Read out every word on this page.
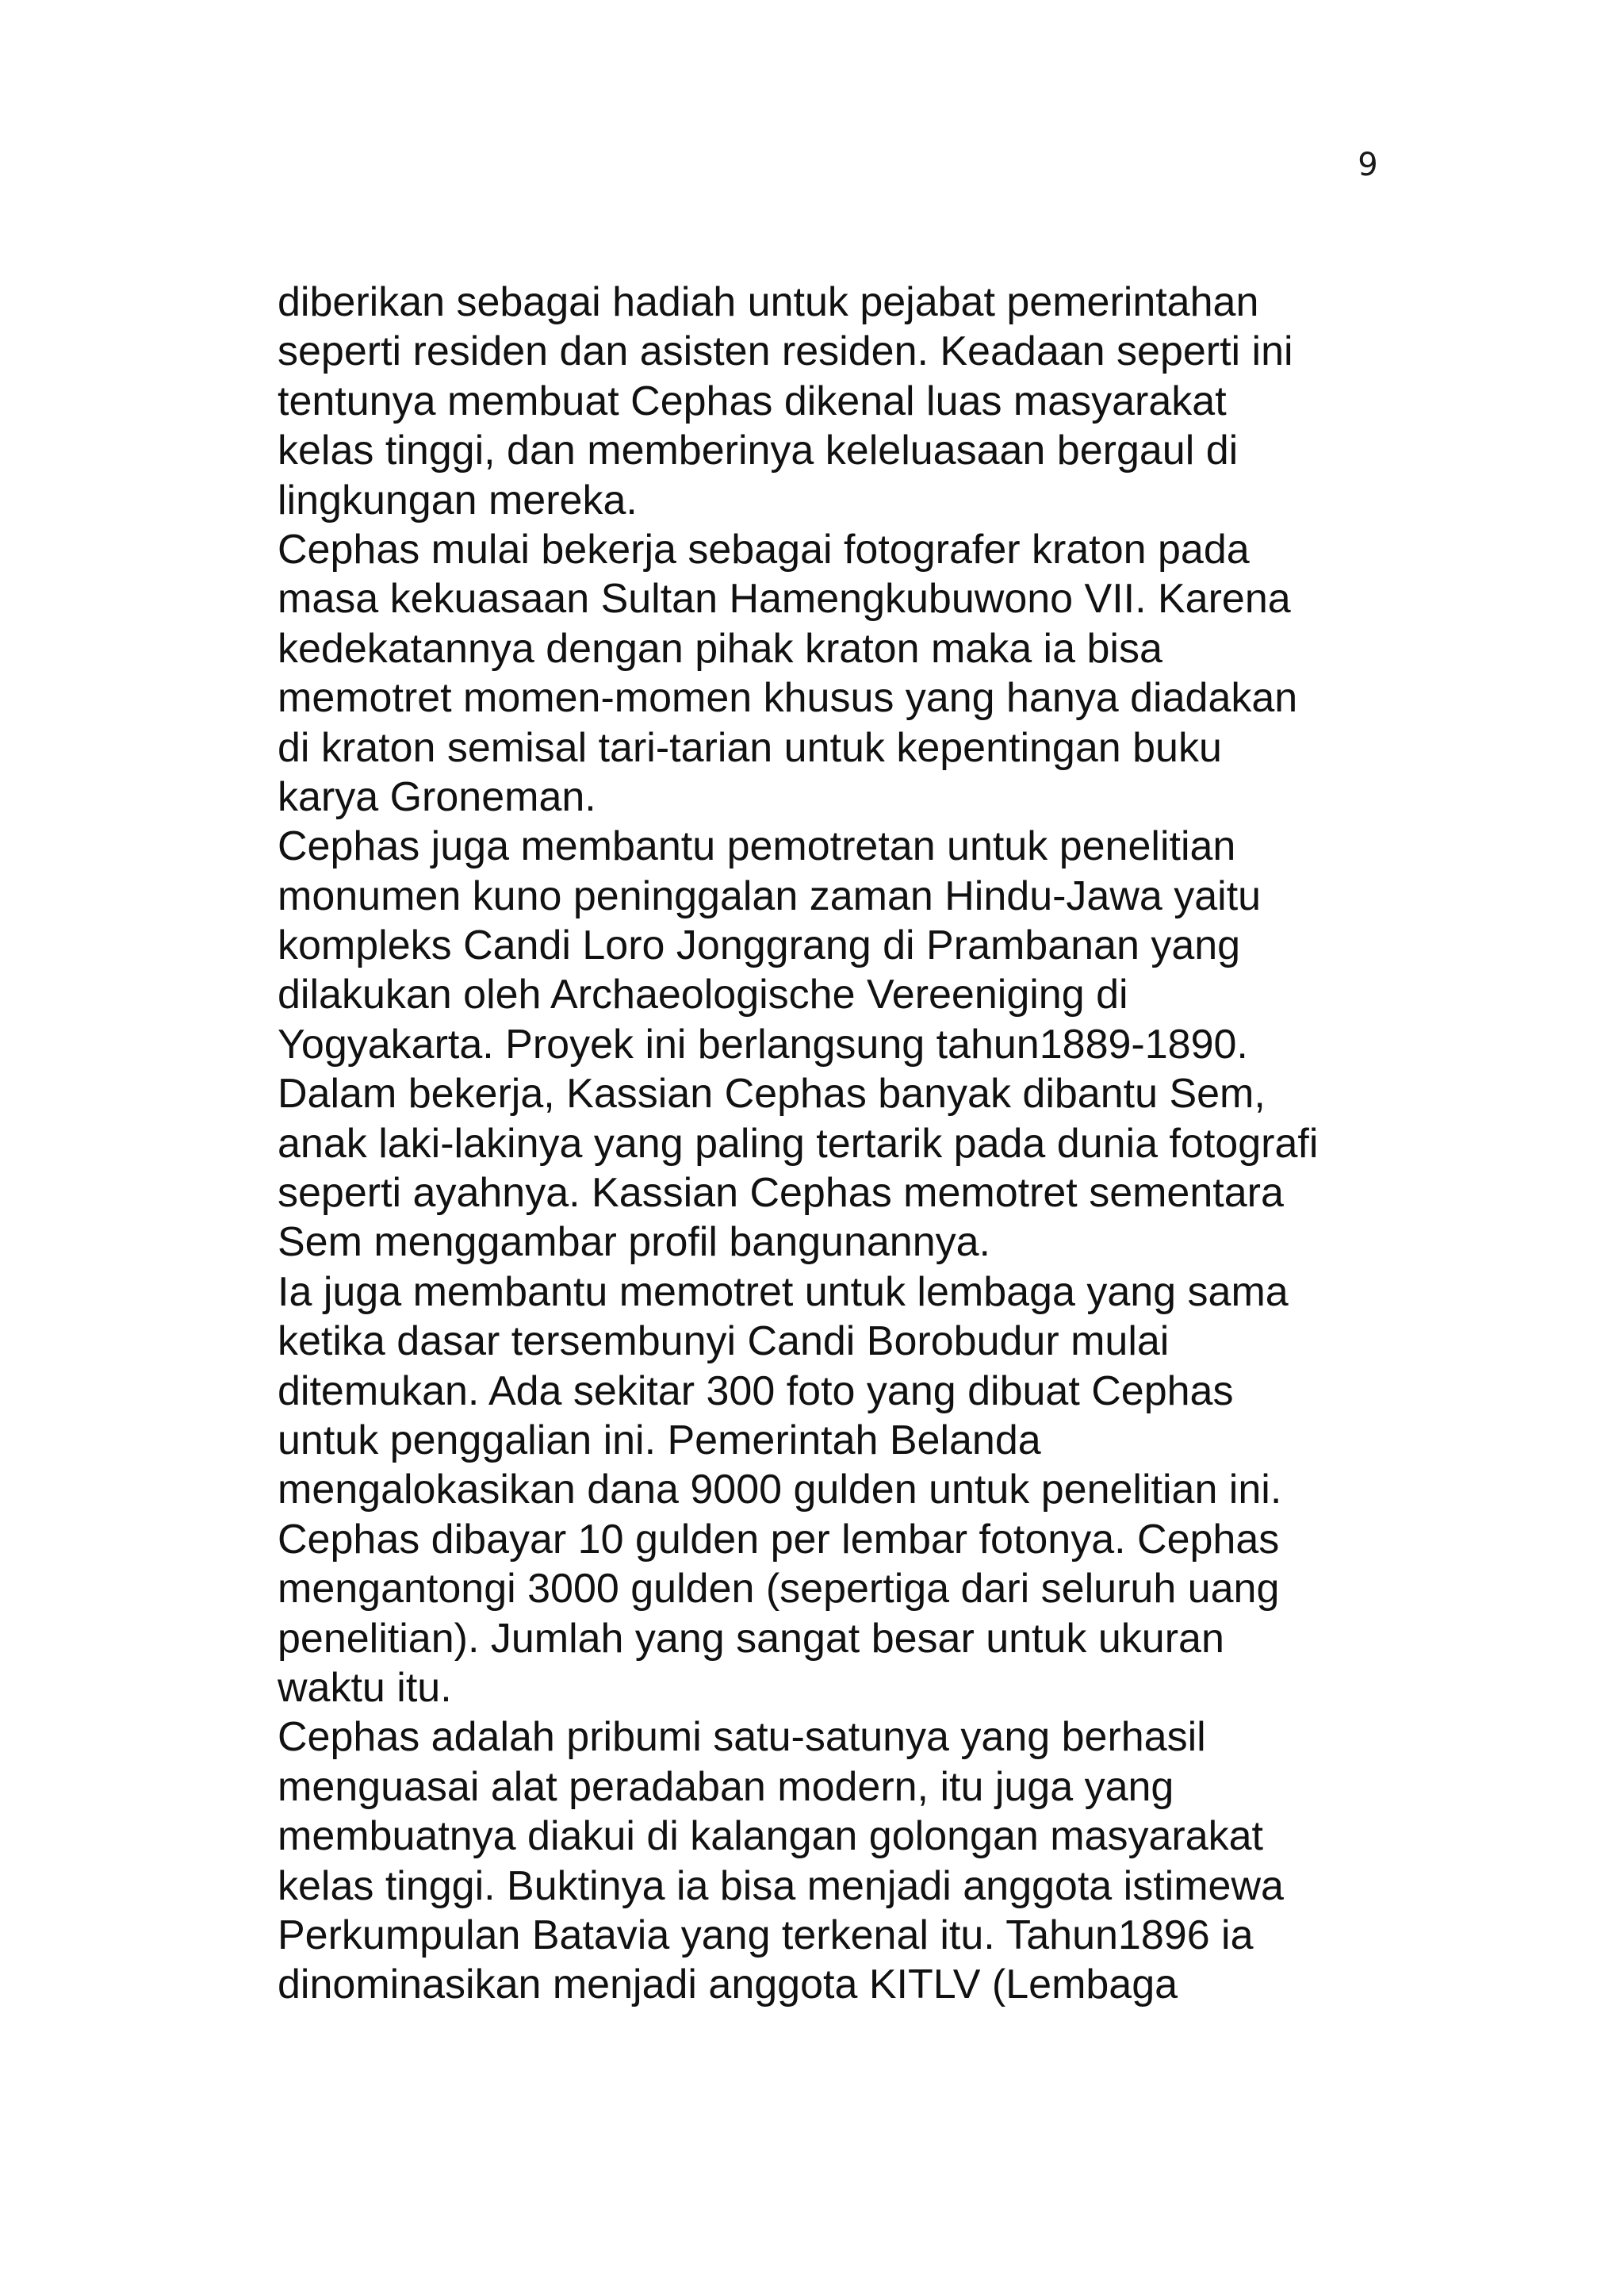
9
diberikan sebagai hadiah untuk pejabat pemerintahan
seperti residen dan asisten residen. Keadaan seperti ini
tentunya membuat Cephas dikenal luas masyarakat
kelas tinggi, dan memberinya keleluasaan bergaul di
lingkungan mereka.
Cephas mulai bekerja sebagai fotografer kraton pada
masa kekuasaan Sultan Hamengkubuwono VII. Karena
kedekatannya dengan pihak kraton maka ia bisa
memotret momen-momen khusus yang hanya diadakan
di kraton semisal tari-tarian untuk kepentingan buku
karya Groneman.
Cephas juga membantu pemotretan untuk penelitian
monumen kuno peninggalan zaman Hindu-Jawa yaitu
kompleks Candi Loro Jonggrang di Prambanan yang
dilakukan oleh Archaeologische Vereeniging di
Yogyakarta. Proyek ini berlangsung tahun1889-1890.
Dalam bekerja, Kassian Cephas banyak dibantu Sem,
anak laki-lakinya yang paling tertarik pada dunia fotografi
seperti ayahnya. Kassian Cephas memotret sementara
Sem menggambar profil bangunannya.
Ia juga membantu memotret untuk lembaga yang sama
ketika dasar tersembunyi Candi Borobudur mulai
ditemukan. Ada sekitar 300 foto yang dibuat Cephas
untuk penggalian ini. Pemerintah Belanda
mengalokasikan dana 9000 gulden untuk penelitian ini.
Cephas dibayar 10 gulden per lembar fotonya. Cephas
mengantongi 3000 gulden (sepertiga dari seluruh uang
penelitian). Jumlah yang sangat besar untuk ukuran
waktu itu.
Cephas adalah pribumi satu-satunya yang berhasil
menguasai alat peradaban modern, itu juga yang
membuatnya diakui di kalangan golongan masyarakat
kelas tinggi. Buktinya ia bisa menjadi anggota istimewa
Perkumpulan Batavia yang terkenal itu. Tahun1896 ia
dinominasikan menjadi anggota KITLV (Lembaga
